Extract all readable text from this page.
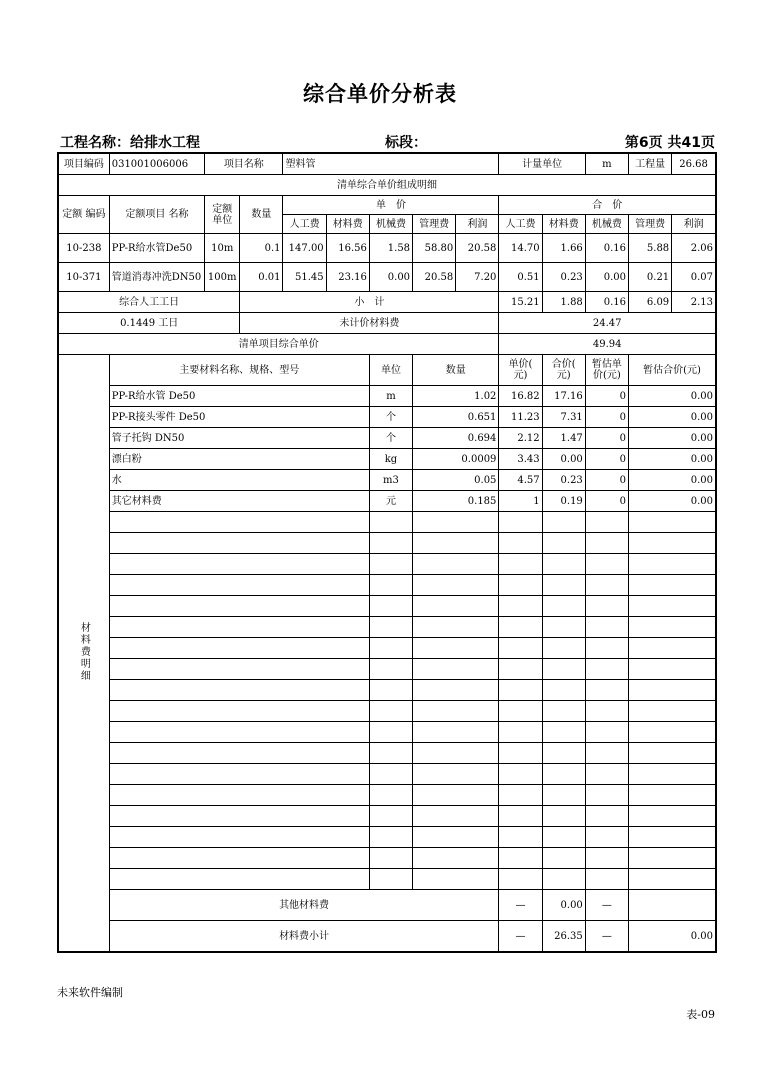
综合单价分析表
工程名称：给排水工程	标段：	第6页 共41页
项目编码	031001006006	项目名称		塑料管					计量单位		m	工程量	26.68
清单综合单价组成明细													
定额 编码	定额项目 名称	定额 单位	数量	单　价					合　价				
				人工费	材料费	机械费	管理费	利润	人工费	材料费	机械费	管理费	利润
10-238	PP-R给水管De50	10m	0.1	147.00	16.56	1.58	58.80	20.58	14.70	1.66	0.16	5.88	2.06
10-371	管道消毒冲洗DN50	100m	0.01	51.45	23.16	0.00	20.58	7.20	0.51	0.23	0.00	0.21	0.07
综合人工工日			小　计						15.21	1.88	0.16	6.09	2.13
0.1449 工日			未计价材料费						24.47				
清单项目综合单价									49.94				
材料费明细	主要材料名称、规格、型号					单位	数量		单价( 元)	合价( 元)	暂估单 价(元)	暂估合价(元)	
	PP-R给水管 De50					m	1.02		16.82	17.16	0	0.00	
	PP-R接头零件 De50					个	0.651		11.23	7.31	0	0.00	
	管子托钩 DN50					个	0.694		2.12	1.47	0	0.00	
	漂白粉					kg	0.0009		3.43	0.00	0	0.00	
	水					m3	0.05		4.57	0.23	0	0.00	
	其它材料费					元	0.185		1	0.19	0	0.00	

	其他材料费								—	0.00	—		
	材料费小计								—	26.35	—	0.00	
未来软件编制
表-09
